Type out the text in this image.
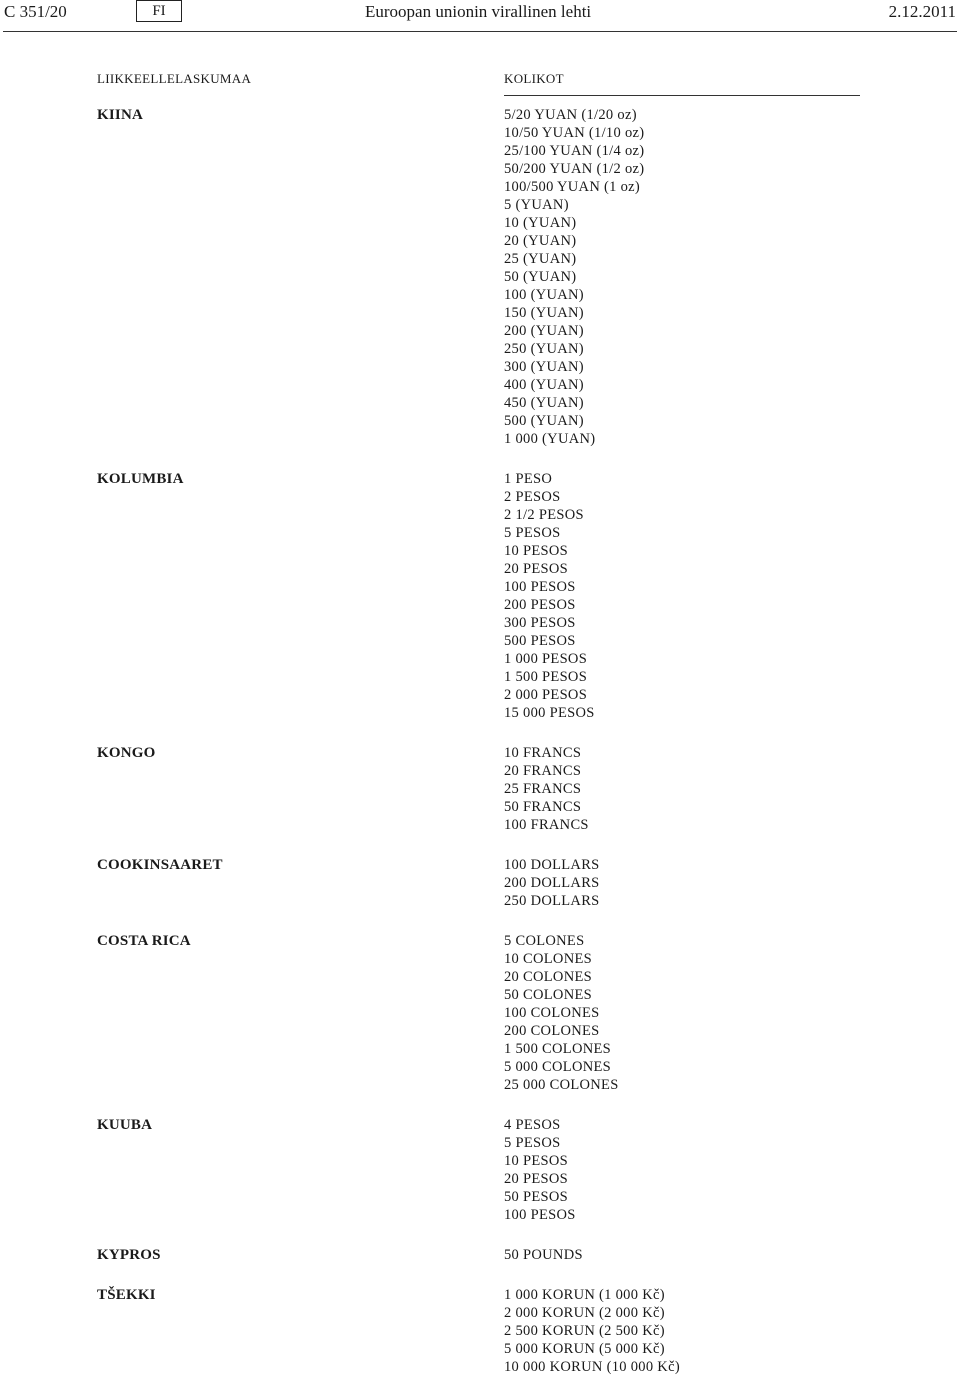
C 351/20	FI	Euroopan unionin virallinen lehti	2.12.2011
LIIKKEELLELASKUMAA	KOLIKOT
KIINA	5/20 YUAN (1/20 oz)
10/50 YUAN (1/10 oz)
25/100 YUAN (1/4 oz)
50/200 YUAN (1/2 oz)
100/500 YUAN (1 oz)
5 (YUAN)
10 (YUAN)
20 (YUAN)
25 (YUAN)
50 (YUAN)
100 (YUAN)
150 (YUAN)
200 (YUAN)
250 (YUAN)
300 (YUAN)
400 (YUAN)
450 (YUAN)
500 (YUAN)
1 000 (YUAN)
KOLUMBIA	1 PESO
2 PESOS
2 1/2 PESOS
5 PESOS
10 PESOS
20 PESOS
100 PESOS
200 PESOS
300 PESOS
500 PESOS
1 000 PESOS
1 500 PESOS
2 000 PESOS
15 000 PESOS
KONGO	10 FRANCS
20 FRANCS
25 FRANCS
50 FRANCS
100 FRANCS
COOKINSAARET	100 DOLLARS
200 DOLLARS
250 DOLLARS
COSTA RICA	5 COLONES
10 COLONES
20 COLONES
50 COLONES
100 COLONES
200 COLONES
1 500 COLONES
5 000 COLONES
25 000 COLONES
KUUBA	4 PESOS
5 PESOS
10 PESOS
20 PESOS
50 PESOS
100 PESOS
KYPROS	50 POUNDS
TŠEKKI	1 000 KORUN (1 000 Kč)
2 000 KORUN (2 000 Kč)
2 500 KORUN (2 500 Kč)
5 000 KORUN (5 000 Kč)
10 000 KORUN (10 000 Kč)
